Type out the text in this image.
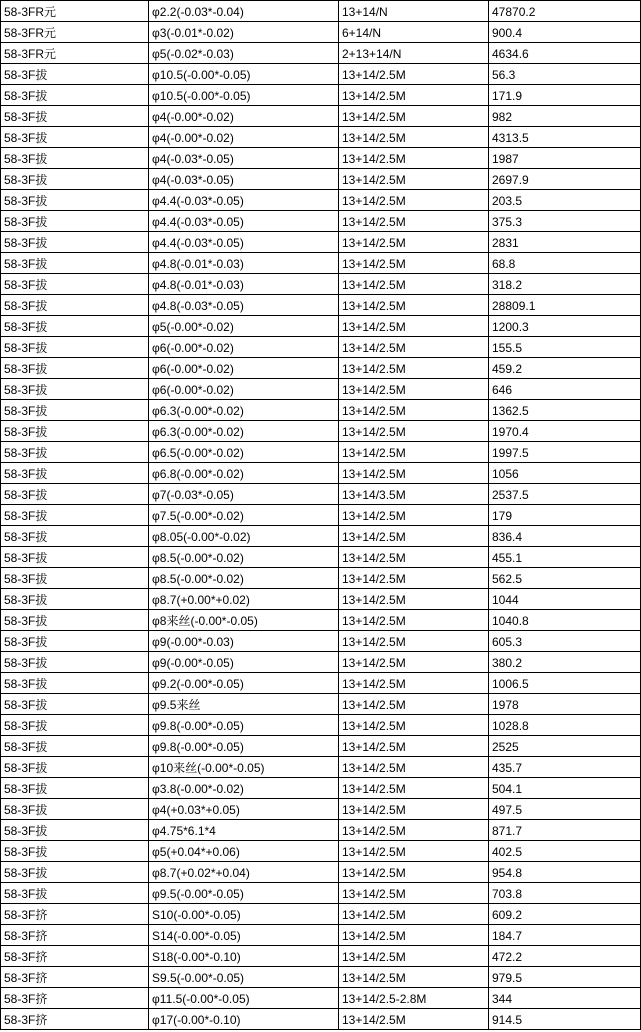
58-3FR元	φ2.2(-0.03*-0.04)	13+14/N	47870.2
58-3FR元	φ3(-0.01*-0.02)	6+14/N	900.4
58-3FR元	φ5(-0.02*-0.03)	2+13+14/N	4634.6
58-3F拔	φ10.5(-0.00*-0.05)	13+14/2.5M	56.3
58-3F拔	φ10.5(-0.00*-0.05)	13+14/2.5M	171.9
58-3F拔	φ4(-0.00*-0.02)	13+14/2.5M	982
58-3F拔	φ4(-0.00*-0.02)	13+14/2.5M	4313.5
58-3F拔	φ4(-0.03*-0.05)	13+14/2.5M	1987
58-3F拔	φ4(-0.03*-0.05)	13+14/2.5M	2697.9
58-3F拔	φ4.4(-0.03*-0.05)	13+14/2.5M	203.5
58-3F拔	φ4.4(-0.03*-0.05)	13+14/2.5M	375.3
58-3F拔	φ4.4(-0.03*-0.05)	13+14/2.5M	2831
58-3F拔	φ4.8(-0.01*-0.03)	13+14/2.5M	68.8
58-3F拔	φ4.8(-0.01*-0.03)	13+14/2.5M	318.2
58-3F拔	φ4.8(-0.03*-0.05)	13+14/2.5M	28809.1
58-3F拔	φ5(-0.00*-0.02)	13+14/2.5M	1200.3
58-3F拔	φ6(-0.00*-0.02)	13+14/2.5M	155.5
58-3F拔	φ6(-0.00*-0.02)	13+14/2.5M	459.2
58-3F拔	φ6(-0.00*-0.02)	13+14/2.5M	646
58-3F拔	φ6.3(-0.00*-0.02)	13+14/2.5M	1362.5
58-3F拔	φ6.3(-0.00*-0.02)	13+14/2.5M	1970.4
58-3F拔	φ6.5(-0.00*-0.02)	13+14/2.5M	1997.5
58-3F拔	φ6.8(-0.00*-0.02)	13+14/2.5M	1056
58-3F拔	φ7(-0.03*-0.05)	13+14/3.5M	2537.5
58-3F拔	φ7.5(-0.00*-0.02)	13+14/2.5M	179
58-3F拔	φ8.05(-0.00*-0.02)	13+14/2.5M	836.4
58-3F拔	φ8.5(-0.00*-0.02)	13+14/2.5M	455.1
58-3F拔	φ8.5(-0.00*-0.02)	13+14/2.5M	562.5
58-3F拔	φ8.7(+0.00*+0.02)	13+14/2.5M	1044
58-3F拔	φ8来丝(-0.00*-0.05)	13+14/2.5M	1040.8
58-3F拔	φ9(-0.00*-0.03)	13+14/2.5M	605.3
58-3F拔	φ9(-0.00*-0.05)	13+14/2.5M	380.2
58-3F拔	φ9.2(-0.00*-0.05)	13+14/2.5M	1006.5
58-3F拔	φ9.5来丝	13+14/2.5M	1978
58-3F拔	φ9.8(-0.00*-0.05)	13+14/2.5M	1028.8
58-3F拔	φ9.8(-0.00*-0.05)	13+14/2.5M	2525
58-3F拔	φ10来丝(-0.00*-0.05)	13+14/2.5M	435.7
58-3F拔	φ3.8(-0.00*-0.02)	13+14/2.5M	504.1
58-3F拔	φ4(+0.03*+0.05)	13+14/2.5M	497.5
58-3F拔	φ4.75*6.1*4	13+14/2.5M	871.7
58-3F拔	φ5(+0.04*+0.06)	13+14/2.5M	402.5
58-3F拔	φ8.7(+0.02*+0.04)	13+14/2.5M	954.8
58-3F拔	φ9.5(-0.00*-0.05)	13+14/2.5M	703.8
58-3F挤	S10(-0.00*-0.05)	13+14/2.5M	609.2
58-3F挤	S14(-0.00*-0.05)	13+14/2.5M	184.7
58-3F挤	S18(-0.00*-0.10)	13+14/2.5M	472.2
58-3F挤	S9.5(-0.00*-0.05)	13+14/2.5M	979.5
58-3F挤	φ11.5(-0.00*-0.05)	13+14/2.5-2.8M	344
58-3F挤	φ17(-0.00*-0.10)	13+14/2.5M	914.5
